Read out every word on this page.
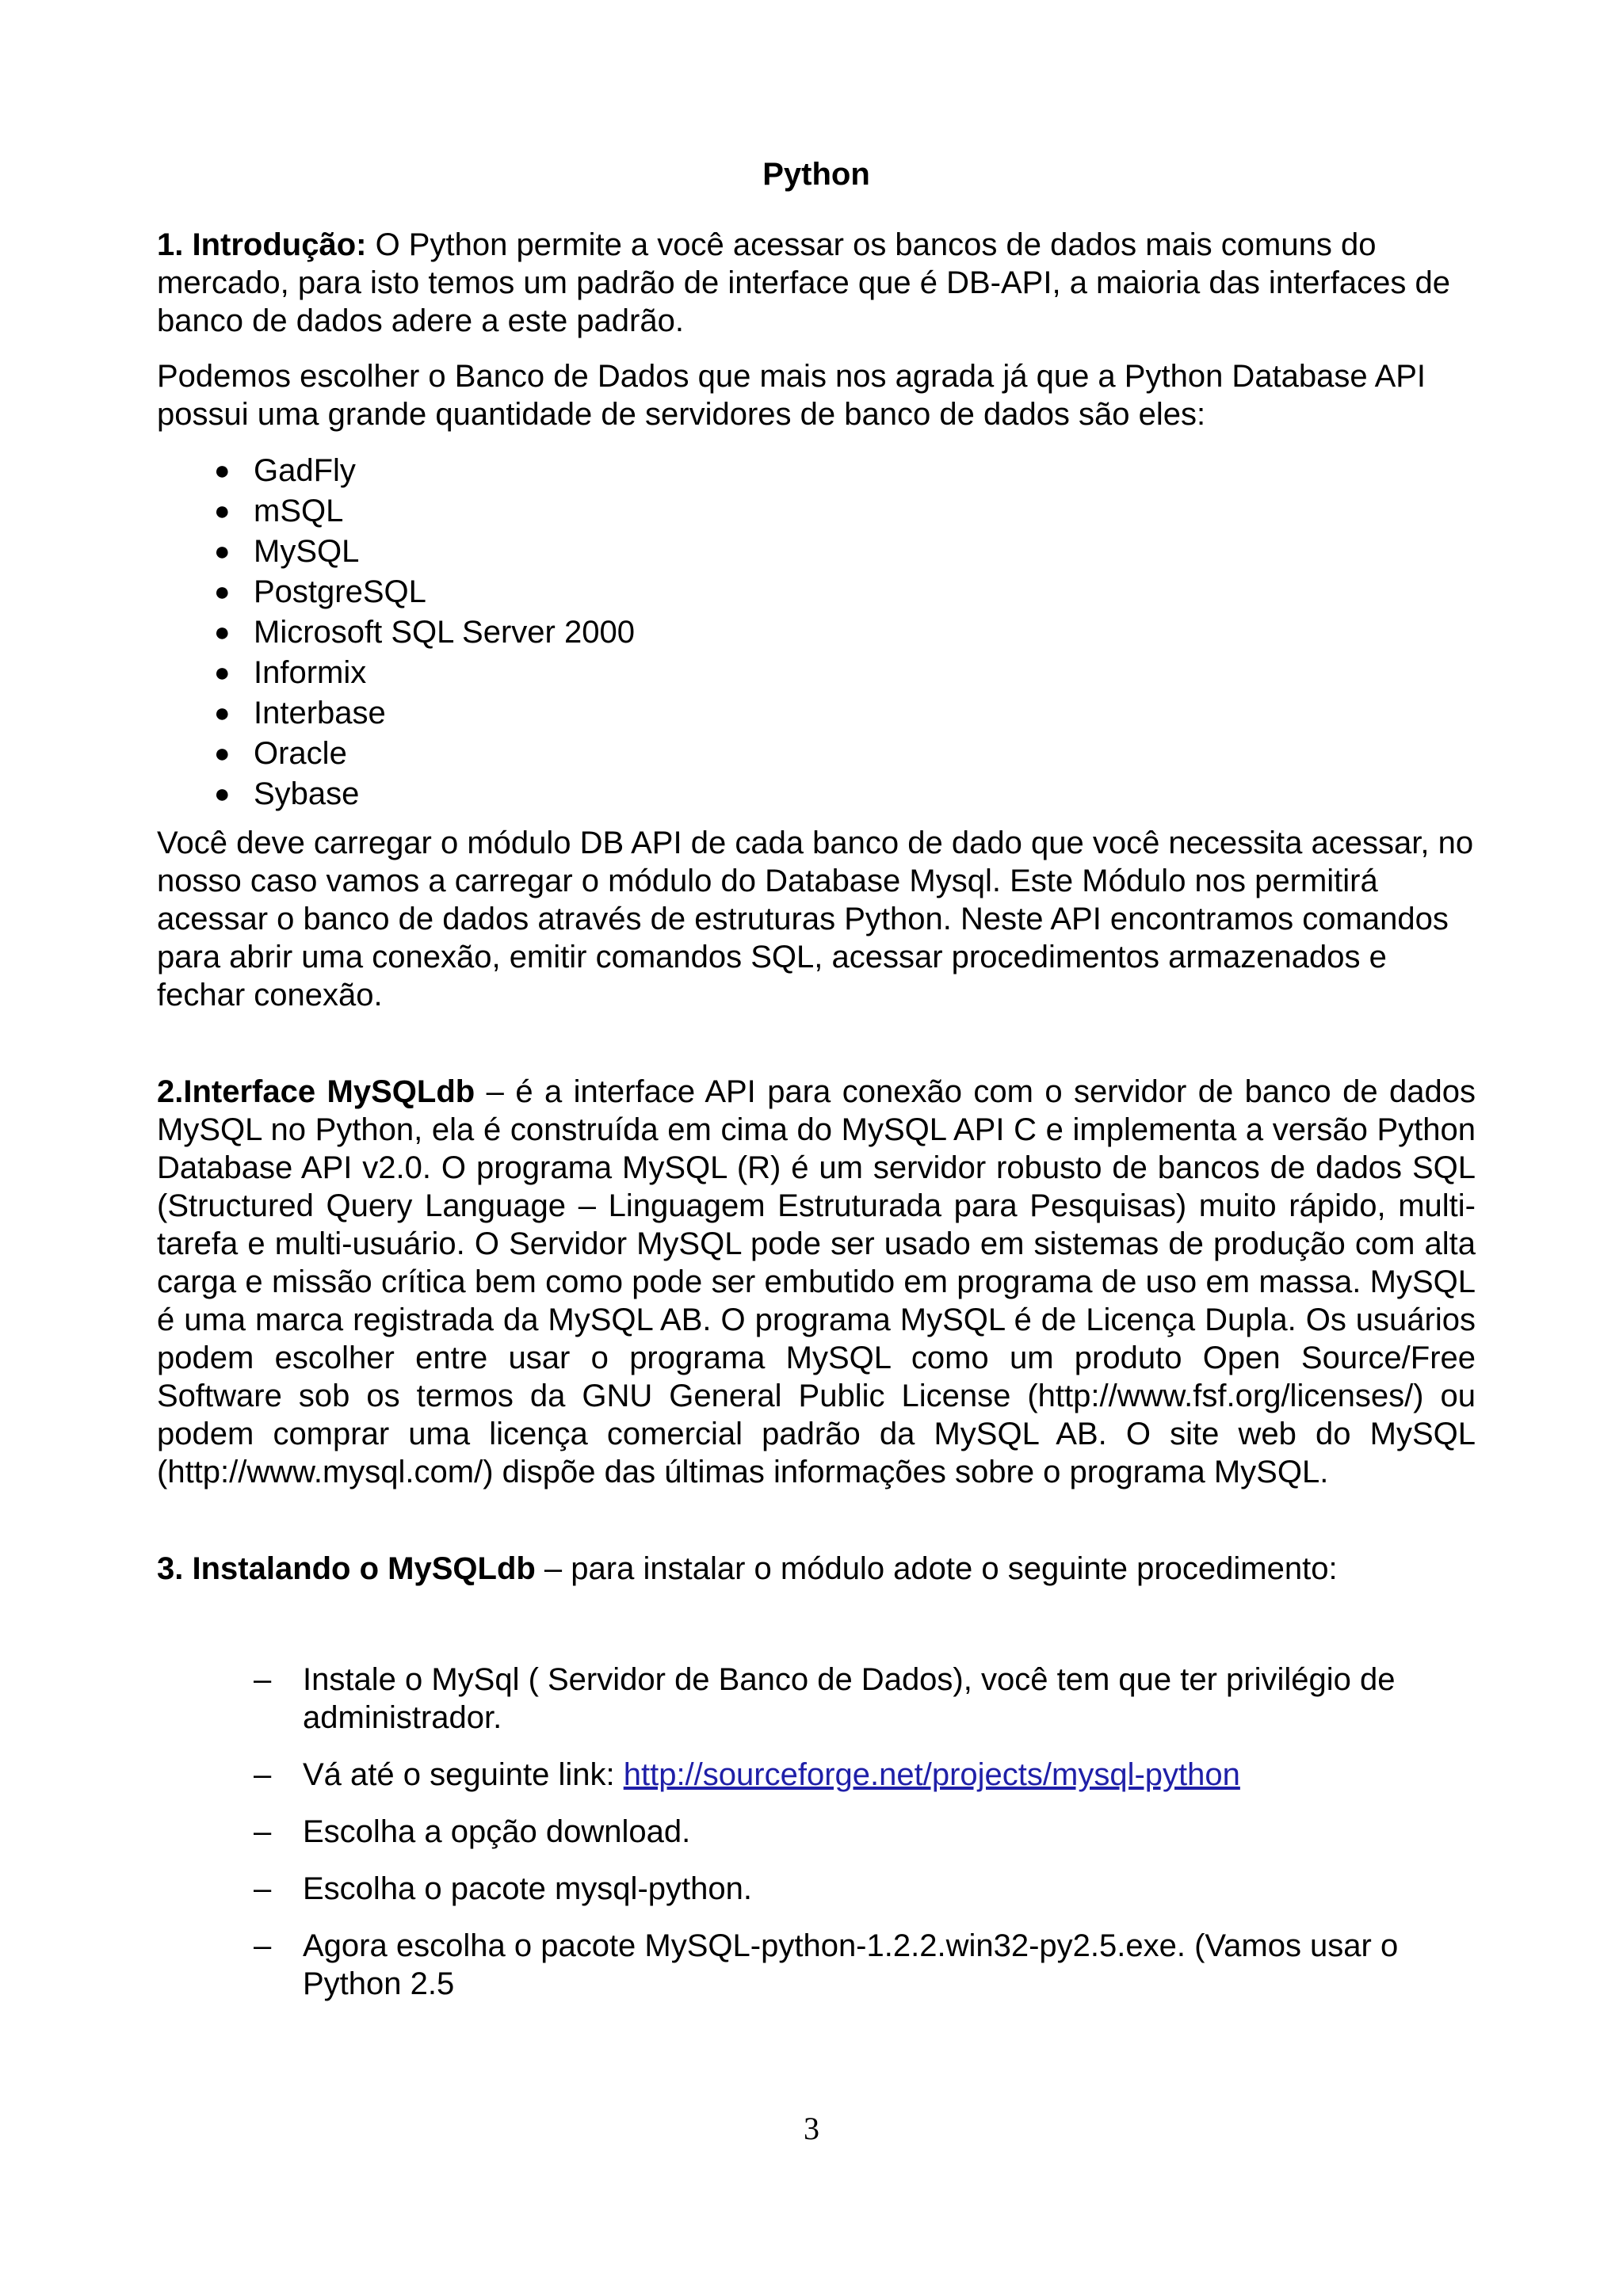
Python

1. Introdução: O Python permite a você acessar os bancos de dados mais comuns do mercado, para isto temos um padrão de interface que é DB-API, a maioria das interfaces de banco de dados adere a este padrão.

Podemos escolher o Banco de Dados que mais nos agrada já que a Python Database API possui uma grande quantidade de servidores de banco de dados são eles:

● GadFly
● mSQL
● MySQL
● PostgreSQL
● Microsoft SQL Server 2000
● Informix
● Interbase
● Oracle
● Sybase

Você deve carregar o módulo DB API de cada banco de dado que você necessita acessar, no nosso caso vamos a carregar o módulo do Database Mysql. Este Módulo nos permitirá acessar o banco de dados através de estruturas Python. Neste API encontramos comandos para abrir uma conexão, emitir comandos SQL, acessar procedimentos armazenados e fechar conexão.

2.Interface MySQLdb – é a interface API para conexão com o servidor de banco de dados MySQL no Python, ela é construída em cima do MySQL API C e implementa a versão Python Database API v2.0. O programa MySQL (R) é um servidor robusto de bancos de dados SQL (Structured Query Language – Linguagem Estruturada para Pesquisas) muito rápido, multi-tarefa e multi-usuário. O Servidor MySQL pode ser usado em sistemas de produção com alta carga e missão crítica bem como pode ser embutido em programa de uso em massa. MySQL é uma marca registrada da MySQL AB. O programa MySQL é de Licença Dupla. Os usuários podem escolher entre usar o programa MySQL como um produto Open Source/Free Software sob os termos da GNU General Public License (http://www.fsf.org/licenses/) ou podem comprar uma licença comercial padrão da MySQL AB. O site web do MySQL (http://www.mysql.com/) dispõe das últimas informações sobre o programa MySQL.

3. Instalando o MySQLdb – para instalar o módulo adote o seguinte procedimento:

– Instale o MySql ( Servidor de Banco de Dados), você tem que ter privilégio de administrador.
– Vá até o seguinte link: http://sourceforge.net/projects/mysql-python
– Escolha a opção download.
– Escolha o pacote mysql-python.
– Agora escolha o pacote MySQL-python-1.2.2.win32-py2.5.exe. (Vamos usar o Python 2.5
3
